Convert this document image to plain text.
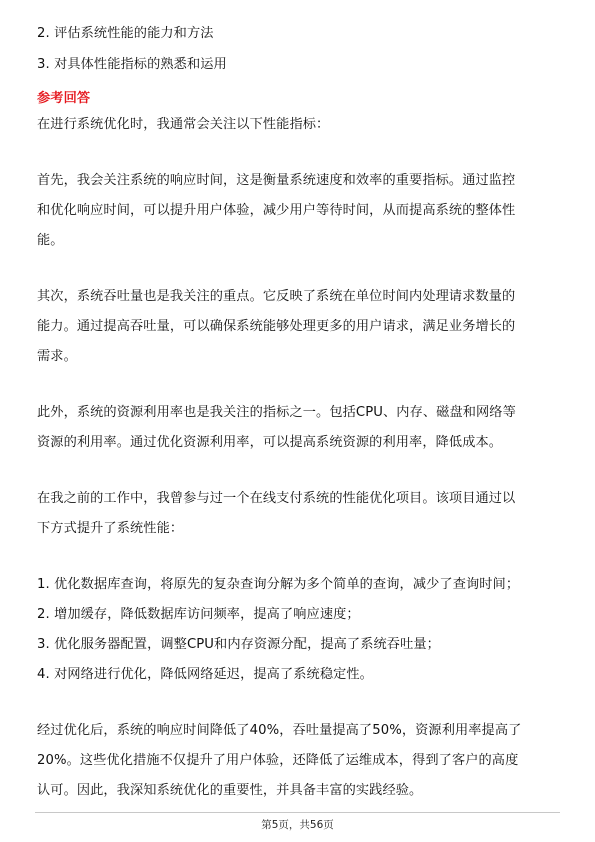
2. 评估系统性能的能力和方法
3. 对具体性能指标的熟悉和运用
参考回答
在进行系统优化时，我通常会关注以下性能指标：
首先，我会关注系统的响应时间，这是衡量系统速度和效率的重要指标。通过监控
和优化响应时间，可以提升用户体验，减少用户等待时间，从而提高系统的整体性
能。
其次，系统吞吐量也是我关注的重点。它反映了系统在单位时间内处理请求数量的
能力。通过提高吞吐量，可以确保系统能够处理更多的用户请求，满足业务增长的
需求。
此外，系统的资源利用率也是我关注的指标之一。包括CPU、内存、磁盘和网络等
资源的利用率。通过优化资源利用率，可以提高系统资源的利用率，降低成本。
在我之前的工作中，我曾参与过一个在线支付系统的性能优化项目。该项目通过以
下方式提升了系统性能：
1. 优化数据库查询，将原先的复杂查询分解为多个简单的查询，减少了查询时间；
2. 增加缓存，降低数据库访问频率，提高了响应速度；
3. 优化服务器配置，调整CPU和内存资源分配，提高了系统吞吐量；
4. 对网络进行优化，降低网络延迟，提高了系统稳定性。
经过优化后，系统的响应时间降低了40%，吞吐量提高了50%，资源利用率提高了
20%。这些优化措施不仅提升了用户体验，还降低了运维成本，得到了客户的高度
认可。因此，我深知系统优化的重要性，并具备丰富的实践经验。
第5页，共56页
